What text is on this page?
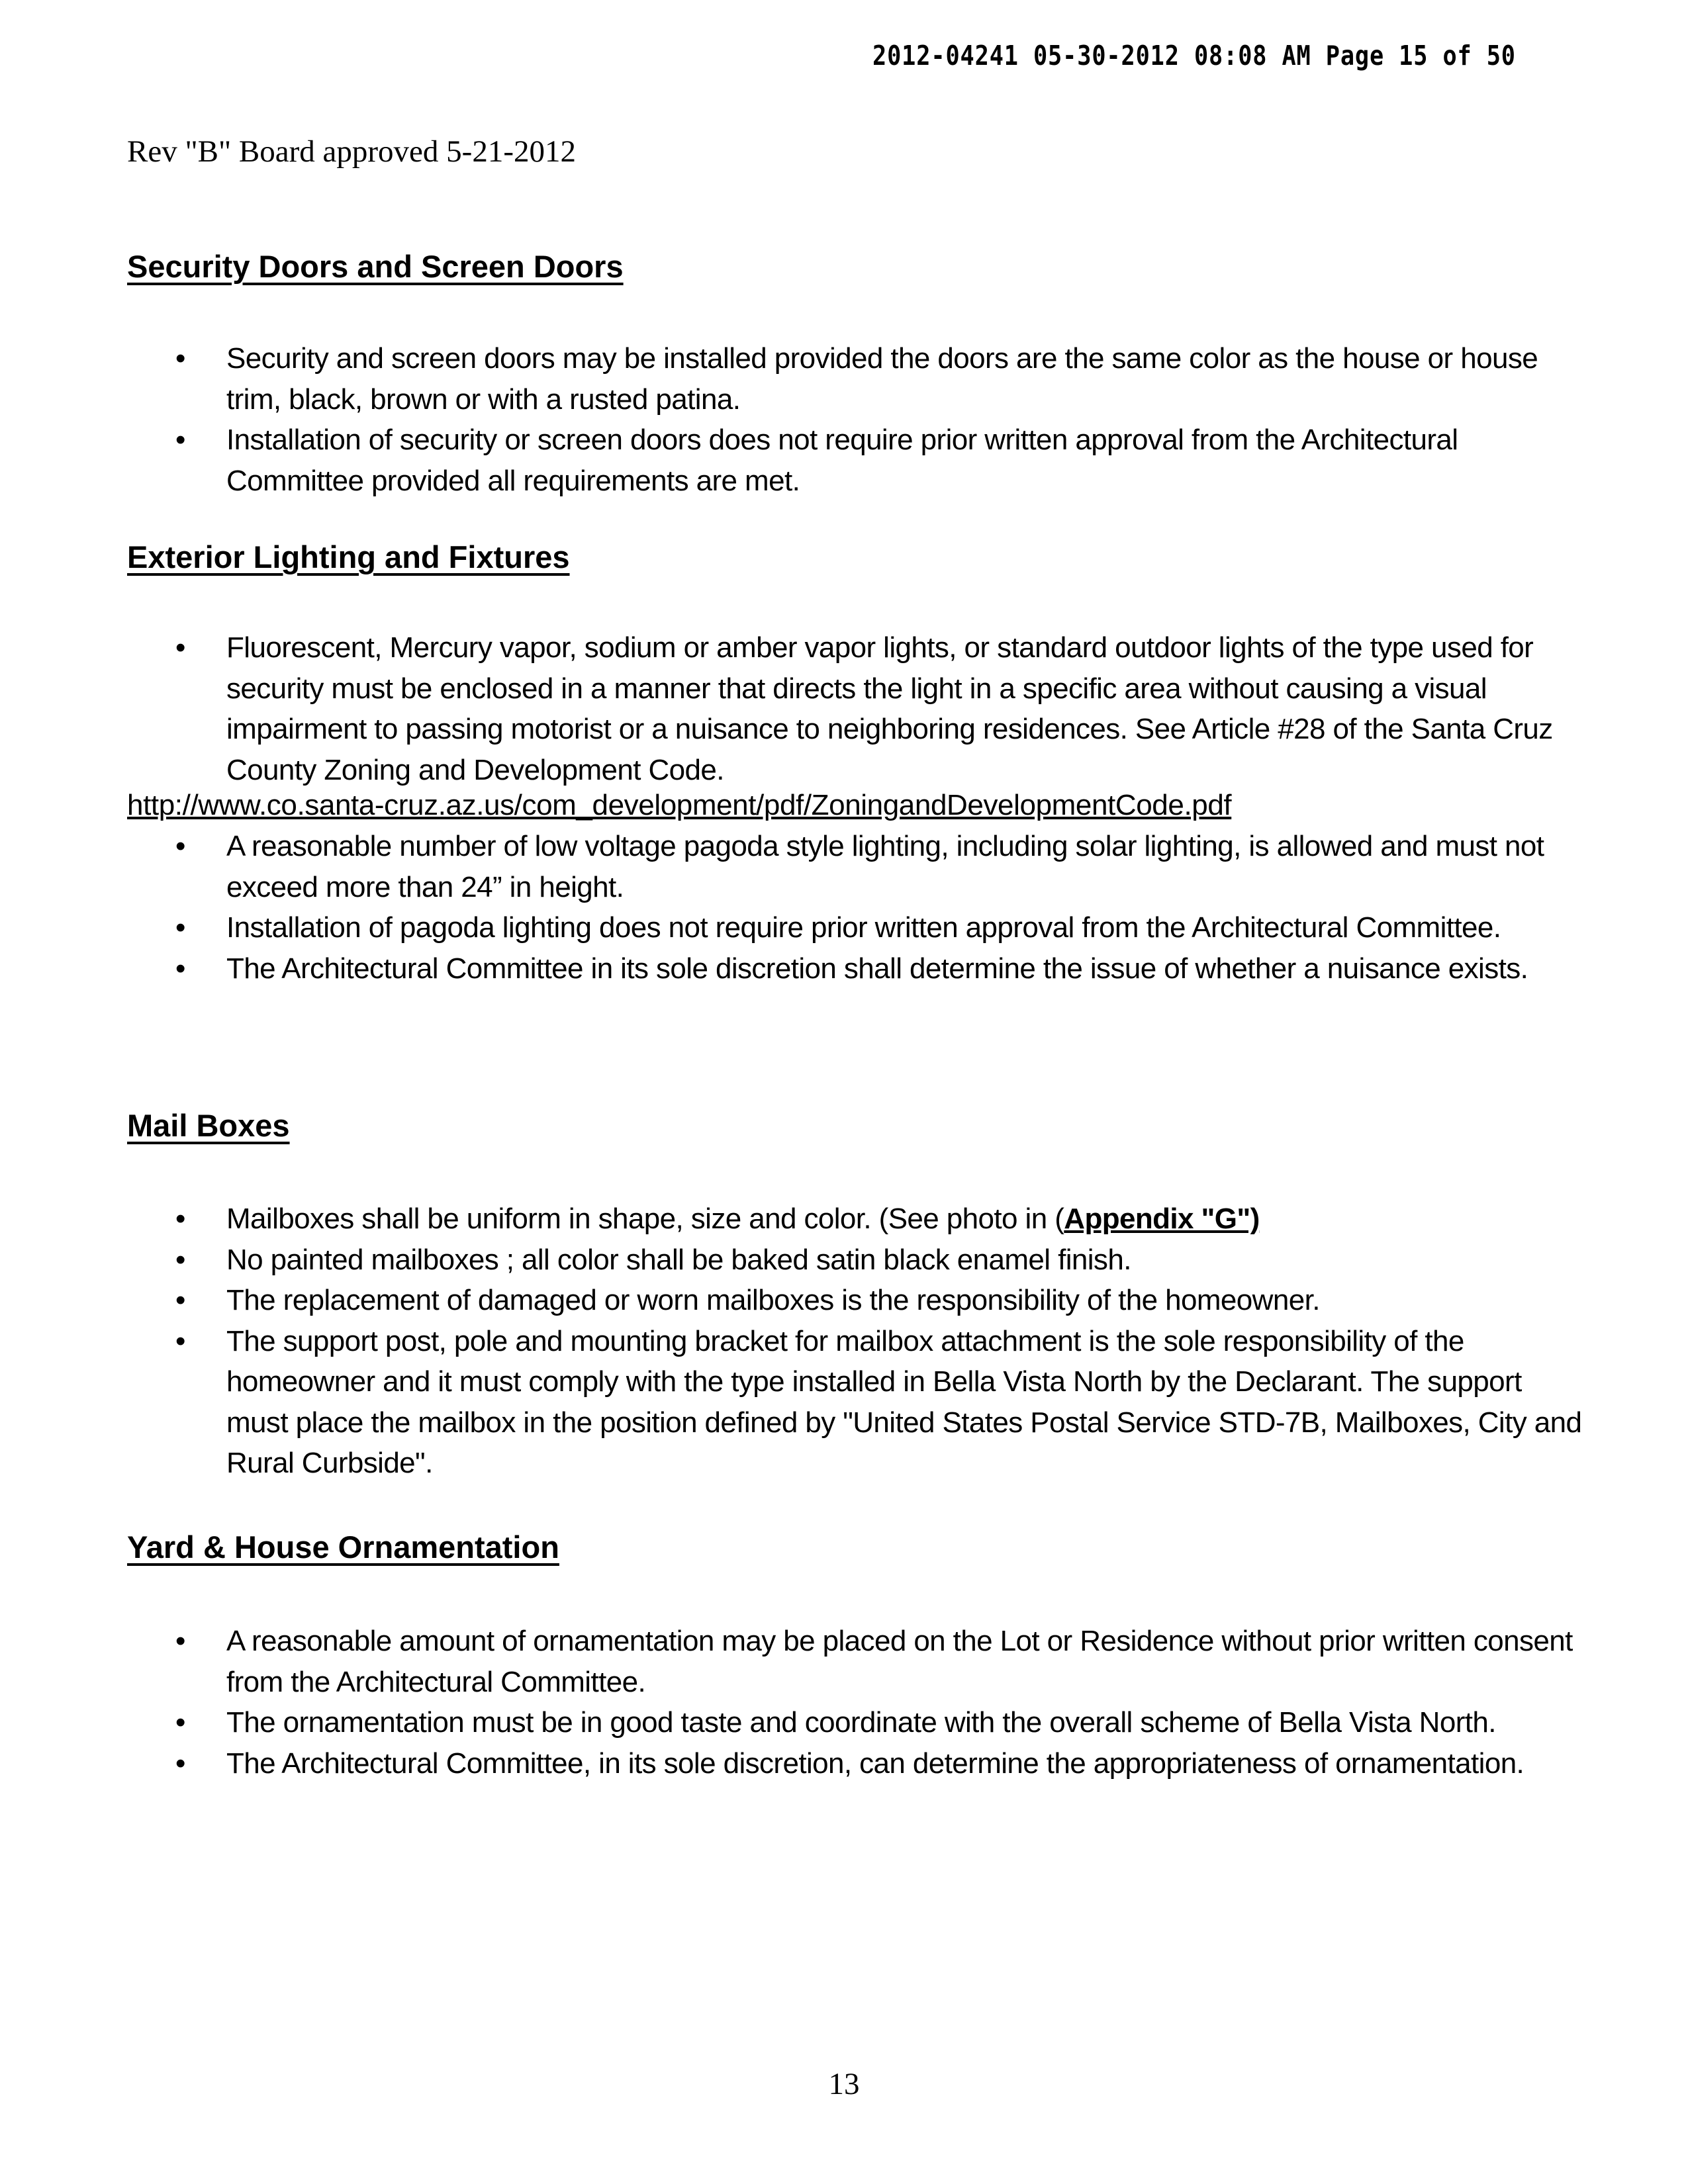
2012-04241 05-30-2012 08:08 AM Page 15 of 50
Rev "B" Board approved 5-21-2012
Security Doors and Screen Doors
• Security and screen doors may be installed provided the doors are the same color as the house or house trim, black, brown or with a rusted patina.
• Installation of security or screen doors does not require prior written approval from the Architectural Committee provided all requirements are met.
Exterior Lighting and Fixtures
• Fluorescent, Mercury vapor, sodium or amber vapor lights, or standard outdoor lights of the type used for security must be enclosed in a manner that directs the light in a specific area without causing a visual impairment to passing motorist or a nuisance to neighboring residences. See Article #28 of the Santa Cruz County Zoning and Development Code.
http://www.co.santa-cruz.az.us/com_development/pdf/ZoningandDevelopmentCode.pdf
• A reasonable number of low voltage pagoda style lighting, including solar lighting, is allowed and must not exceed more than 24” in height.
• Installation of pagoda lighting does not require prior written approval from the Architectural Committee.
• The Architectural Committee in its sole discretion shall determine the issue of whether a nuisance exists.
Mail Boxes
• Mailboxes shall be uniform in shape, size and color. (See photo in (Appendix "G")
• No painted mailboxes ; all color shall be baked satin black enamel finish.
• The replacement of damaged or worn mailboxes is the responsibility of the homeowner.
• The support post, pole and mounting bracket for mailbox attachment is the sole responsibility of the homeowner and it must comply with the type installed in Bella Vista North by the Declarant. The support must place the mailbox in the position defined by "United States Postal Service STD-7B, Mailboxes, City and Rural Curbside".
Yard & House Ornamentation
• A reasonable amount of ornamentation may be placed on the Lot or Residence without prior written consent from the Architectural Committee.
• The ornamentation must be in good taste and coordinate with the overall scheme of Bella Vista North.
• The Architectural Committee, in its sole discretion, can determine the appropriateness of ornamentation.
13
